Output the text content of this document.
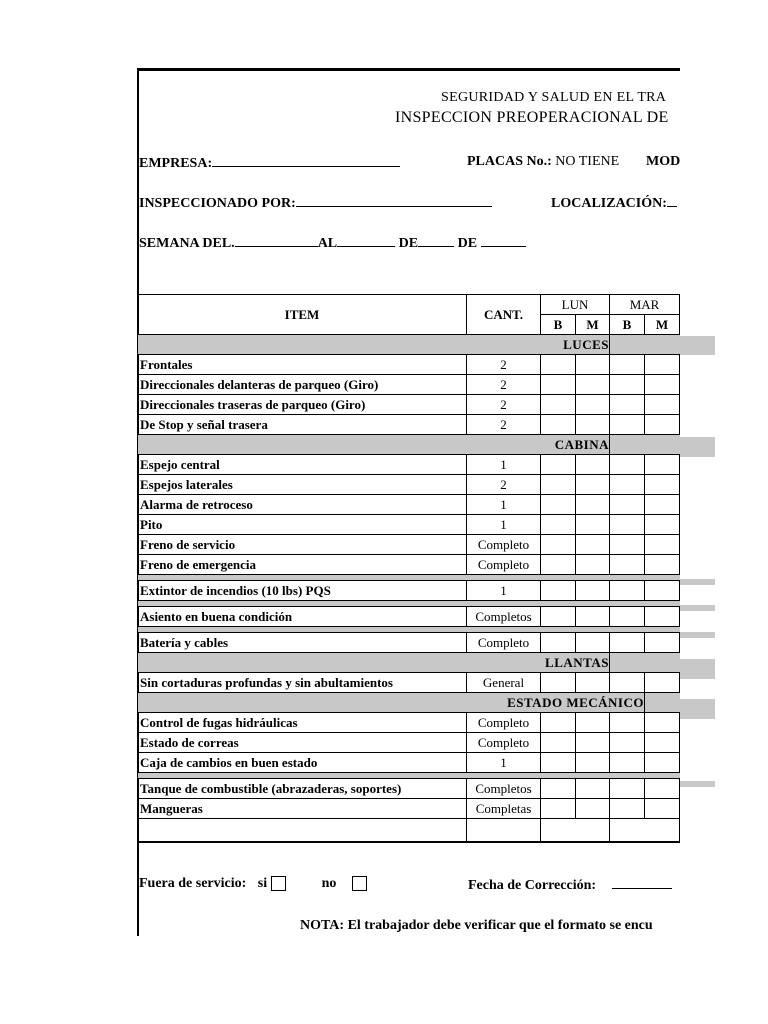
SEGURIDAD Y SALUD EN EL TRA
INSPECCION PREOPERACIONAL DE
EMPRESA:	PLACAS No.: NO TIENE MOD
INSPECCIONADO POR:	LOCALIZACIÓN:
SEMANA DEL.	AL	DE	DE
ITEM	CANT.	LUN		MAR		
		B	M	B	M	
LUCES						
Frontales	2					
Direccionales delanteras de parqueo (Giro)	2					
Direccionales traseras de parqueo (Giro)	2					
De Stop y señal trasera	2					
CABINA						
Espejo central	1					
Espejos laterales	2					
Alarma de retroceso	1					
Pito	1					
Freno de servicio	Completo					
Freno de emergencia	Completo					

Extintor de incendios (10 lbs) PQS	1					

Asiento en buena condición	Completos					

Batería y cables	Completo					
LLANTAS						
Sin cortaduras profundas y sin abultamientos	General					
ESTADO MECÁNICO						
Control de fugas hidráulicas	Completo					
Estado de correas	Completo					
Caja de cambios en buen estado	1					

Tanque de combustible (abrazaderas, soportes)	Completos					
Mangueras	Completas					

Fuera de servicio: si	no	Fecha de Corrección:
NOTA: El trabajador debe verificar que el formato se encu
